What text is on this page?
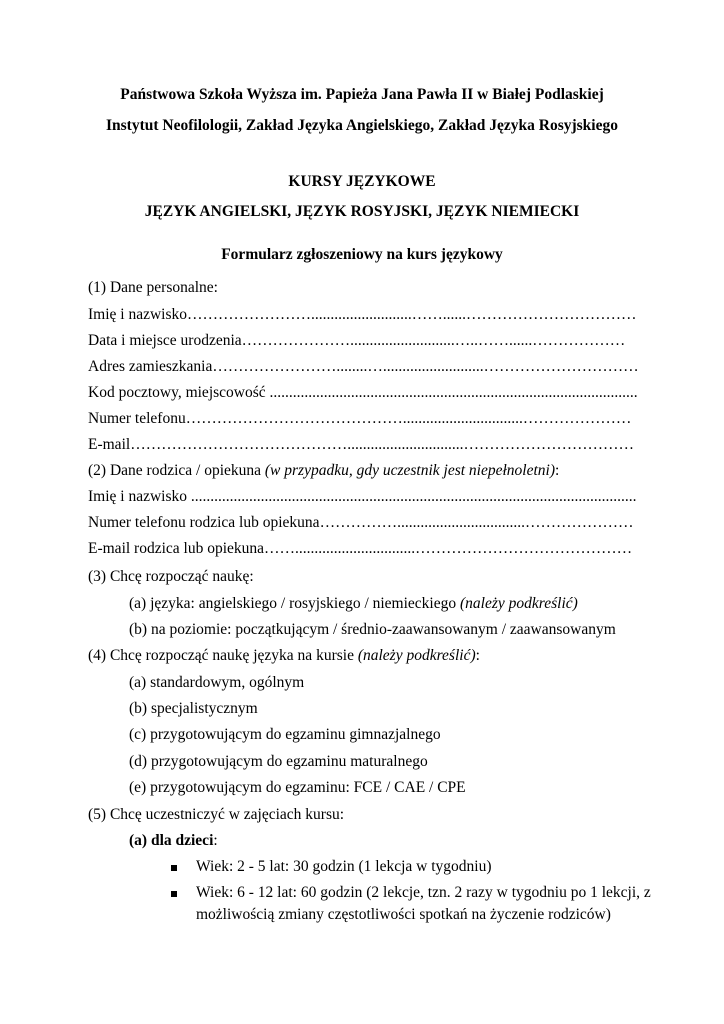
Państwowa Szkoła Wyższa im. Papieża Jana Pawła II w Białej Podlaskiej
Instytut Neofilologii, Zakład Języka Angielskiego, Zakład Języka Rosyjskiego
KURSY JĘZYKOWE
JĘZYK ANGIELSKI, JĘZYK ROSYJSKI, JĘZYK NIEMIECKI
Formularz zgłoszeniowy na kurs językowy
(1) Dane personalne:
Imię i nazwisko……………………..........................……......……………………………
Data i miejsce urodzenia…………………...........................…..……......………………
Adres zamieszkania……………………........…..........................…………………………
Kod pocztowy, miejscowość ...............................................................................................
Numer telefonu……………………………………...............................…………………
E-mail……………………………………..............................……………………………
(2) Dane rodzica / opiekuna (w przypadku, gdy uczestnik jest niepełnoletni):
Imię i nazwisko ...................................................................................................................
Numer telefonu rodzica lub opiekuna…………….................................…………………
E-mail rodzica lub opiekuna……...............................……………………………………
(3) Chcę rozpocząć naukę:
(a) języka: angielskiego / rosyjskiego / niemieckiego (należy podkreślić)
(b) na poziomie: początkującym / średnio-zaawansowanym / zaawansowanym
(4) Chcę rozpocząć naukę języka na kursie (należy podkreślić):
(a) standardowym, ogólnym
(b) specjalistycznym
(c) przygotowującym do egzaminu gimnazjalnego
(d) przygotowującym do egzaminu maturalnego
(e) przygotowującym do egzaminu: FCE / CAE / CPE
(5) Chcę uczestniczyć w zajęciach kursu:
(a) dla dzieci:
Wiek: 2 - 5 lat: 30 godzin (1 lekcja w tygodniu)
Wiek: 6 - 12 lat: 60 godzin (2 lekcje, tzn. 2 razy w tygodniu po 1 lekcji, z
możliwością zmiany częstotliwości spotkań na życzenie rodziców)
